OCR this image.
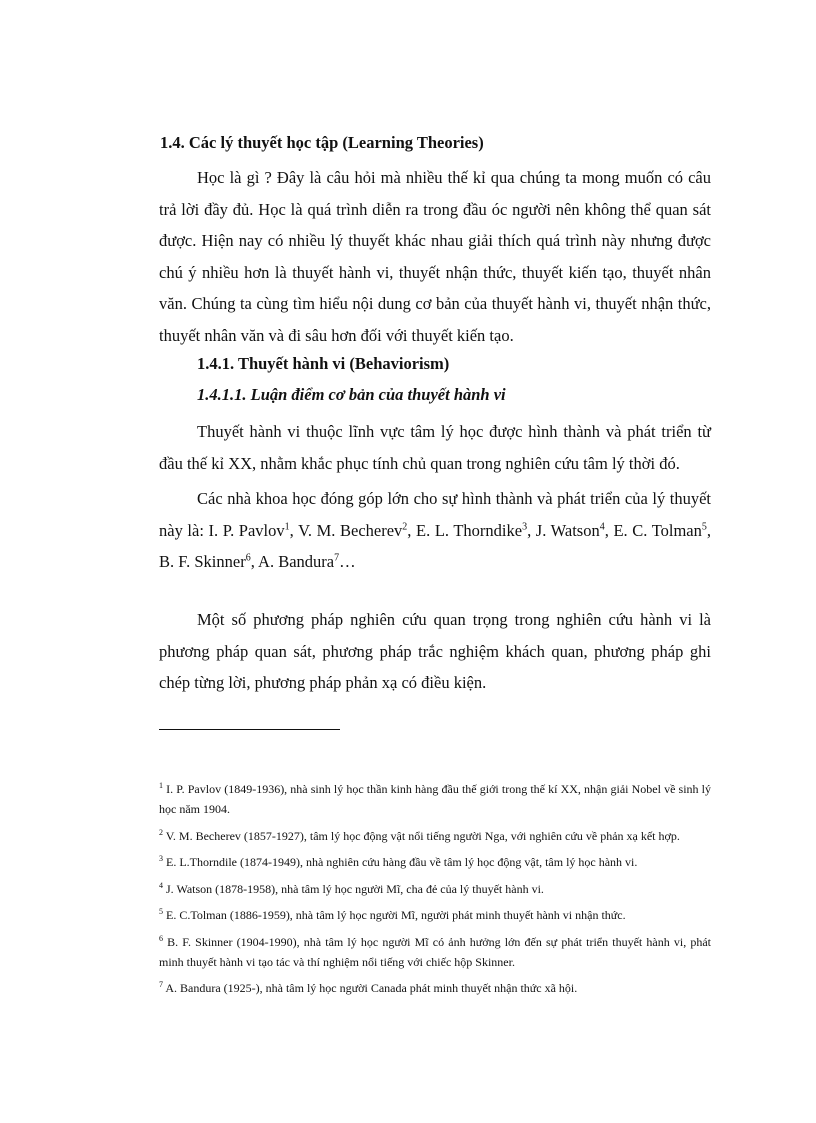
1.4. Các lý thuyết học tập (Learning Theories)

Học là gì ? Đây là câu hỏi mà nhiều thế kỉ qua chúng ta mong muốn có câu trả lời đầy đủ. Học là quá trình diễn ra trong đầu óc người nên không thể quan sát được. Hiện nay có nhiều lý thuyết khác nhau giải thích quá trình này nhưng được chú ý nhiều hơn là thuyết hành vi, thuyết nhận thức, thuyết kiến tạo, thuyết nhân văn. Chúng ta cùng tìm hiểu nội dung cơ bản của thuyết hành vi, thuyết nhận thức, thuyết nhân văn và đi sâu hơn đối với thuyết kiến tạo.

1.4.1. Thuyết hành vi (Behaviorism)
1.4.1.1. Luận điểm cơ bản của thuyết hành vi

Thuyết hành vi thuộc lĩnh vực tâm lý học được hình thành và phát triển từ đầu thế kỉ XX, nhằm khắc phục tính chủ quan trong nghiên cứu tâm lý thời đó.

Các nhà khoa học đóng góp lớn cho sự hình thành và phát triển của lý thuyết này là: I. P. Pavlov$^1$, V. M. Becherev$^2$, E. L. Thorndike$^3$, J. Watson$^4$, E. C. Tolman$^5$, B. F. Skinner$^6$, A. Bandura$^7$…

Một số phương pháp nghiên cứu quan trọng trong nghiên cứu hành vi là phương pháp quan sát, phương pháp trắc nghiệm khách quan, phương pháp ghi chép từng lời, phương pháp phản xạ có điều kiện.

$^1$ I. P. Pavlov (1849-1936), nhà sinh lý học thần kinh hàng đầu thế giới trong thế kí XX, nhận giải Nobel về sinh lý học năm 1904.

$^2$ V. M. Becherev (1857-1927), tâm lý học động vật nổi tiếng người Nga, với nghiên cứu về phản xạ kết hợp.

$^3$ E. L.Thorndile (1874-1949), nhà nghiên cứu hàng đầu về tâm lý học động vật, tâm lý học hành vi.

$^4$ J. Watson (1878-1958), nhà tâm lý học người Mĩ, cha đẻ của lý thuyết hành vi.

$^5$ E. C.Tolman (1886-1959), nhà tâm lý học người Mĩ, người phát minh thuyết hành vi nhận thức.

$^6$ B. F. Skinner (1904-1990), nhà tâm lý học người Mĩ có ảnh hưởng lớn đến sự phát triển thuyết hành vi, phát minh thuyết hành vi tạo tác và thí nghiệm nổi tiếng với chiếc hộp Skinner.

$^7$ A. Bandura (1925-), nhà tâm lý học người Canada phát minh thuyết nhận thức xã hội.
